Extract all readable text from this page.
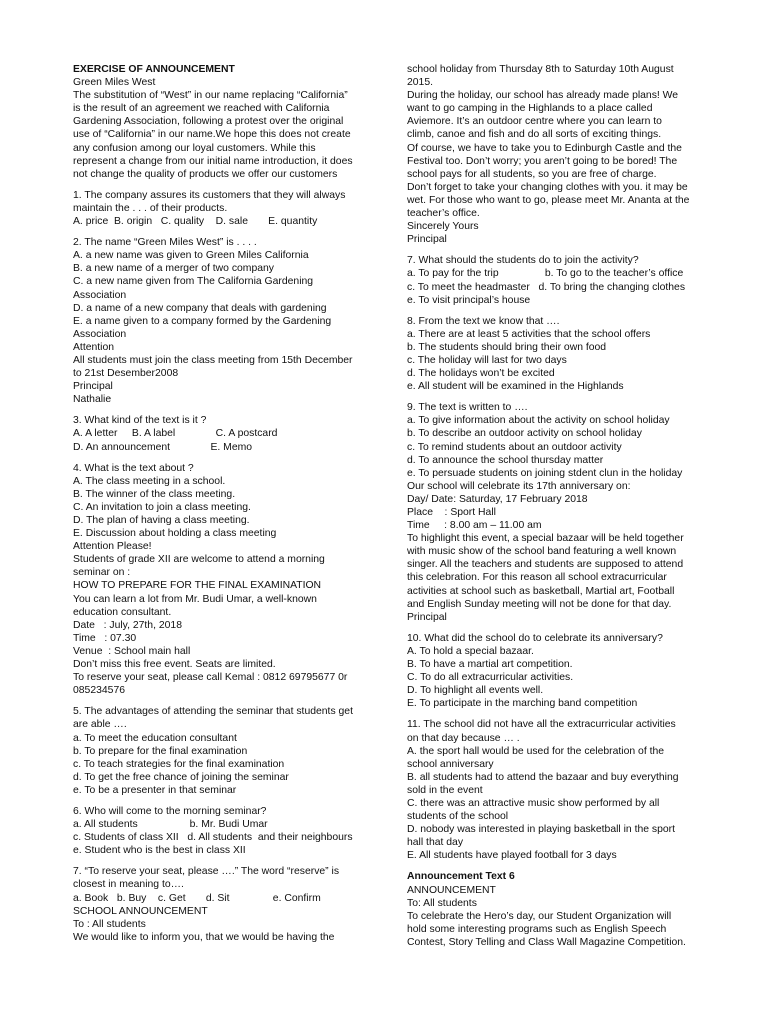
EXERCISE OF ANNOUNCEMENT
Green Miles West
The substitution of “West” in our name replacing “California”
is the result of an agreement we reached with California
Gardening Association, following a protest over the original
use of “California” in our name.We hope this does not create
any confusion among our loyal customers. While this
represent a change from our initial name introduction, it does
not change the quality of products we offer our customers
1. The company assures its customers that they will always
maintain the . . . of their products.
A. price  B. origin   C. quality    D. sale       E. quantity
2. The name “Green Miles West” is . . . .
A. a new name was given to Green Miles California
B. a new name of a merger of two company
C. a new name given from The California Gardening
Association
D. a name of a new company that deals with gardening
E. a name given to a company formed by the Gardening
Association
Attention
All students must join the class meeting from 15th December
to 21st Desember2008
Principal
Nathalie
3. What kind of the text is it ?
A. A letter     B. A label              C. A postcard
D. An announcement              E. Memo
4. What is the text about ?
A. The class meeting in a school.
B. The winner of the class meeting.
C. An invitation to join a class meeting.
D. The plan of having a class meeting.
E. Discussion about holding a class meeting
Attention Please!
Students of grade XII are welcome to attend a morning
seminar on :
HOW TO PREPARE FOR THE FINAL EXAMINATION
You can learn a lot from Mr. Budi Umar, a well-known
education consultant.
Date   : July, 27th, 2018
Time   : 07.30
Venue  : School main hall
Don’t miss this free event. Seats are limited.
To reserve your seat, please call Kemal : 0812 69795677 0r
085234576
5. The advantages of attending the seminar that students get
are able ….
a. To meet the education consultant
b. To prepare for the final examination
c. To teach strategies for the final examination
d. To get the free chance of joining the seminar
e. To be a presenter in that seminar
6. Who will come to the morning seminar?
a. All students                  b. Mr. Budi Umar
c. Students of class XII   d. All students  and their neighbours
e. Student who is the best in class XII
7. “To reserve your seat, please ….” The word “reserve” is
closest in meaning to….
a. Book   b. Buy    c. Get       d. Sit               e. Confirm
SCHOOL ANNOUNCEMENT
To : All students
We would like to inform you, that we would be having the
school holiday from Thursday 8th to Saturday 10th August
2015.
During the holiday, our school has already made plans! We
want to go camping in the Highlands to a place called
Aviemore. It’s an outdoor centre where you can learn to
climb, canoe and fish and do all sorts of exciting things.
Of course, we have to take you to Edinburgh Castle and the
Festival too. Don’t worry; you aren’t going to be bored! The
school pays for all students, so you are free of charge.
Don’t forget to take your changing clothes with you. it may be
wet. For those who want to go, please meet Mr. Ananta at the
teacher’s office.
Sincerely Yours
Principal
7. What should the students do to join the activity?
a. To pay for the trip                b. To go to the teacher’s office
c. To meet the headmaster   d. To bring the changing clothes
e. To visit principal’s house
8. From the text we know that ….
a. There are at least 5 activities that the school offers
b. The students should bring their own food
c. The holiday will last for two days
d. The holidays won’t be excited
e. All student will be examined in the Highlands
9. The text is written to ….
a. To give information about the activity on school holiday
b. To describe an outdoor activity on school holiday
c. To remind students about an outdoor activity
d. To announce the school thursday matter
e. To persuade students on joining stdent clun in the holiday
Our school will celebrate its 17th anniversary on:
Day/ Date: Saturday, 17 February 2018
Place    : Sport Hall
Time     : 8.00 am – 11.00 am
To highlight this event, a special bazaar will be held together
with music show of the school band featuring a well known
singer. All the teachers and students are supposed to attend
this celebration. For this reason all school extracurricular
activities at school such as basketball, Martial art, Football
and English Sunday meeting will not be done for that day.
Principal
10. What did the school do to celebrate its anniversary?
A. To hold a special bazaar.
B. To have a martial art competition.
C. To do all extracurricular activities.
D. To highlight all events well.
E. To participate in the marching band competition
11. The school did not have all the extracurricular activities
on that day because … .
A. the sport hall would be used for the celebration of the
school anniversary
B. all students had to attend the bazaar and buy everything
sold in the event
C. there was an attractive music show performed by all
students of the school
D. nobody was interested in playing basketball in the sport
hall that day
E. All students have played football for 3 days
Announcement Text 6
ANNOUNCEMENT
To: All students
To celebrate the Hero’s day, our Student Organization will
hold some interesting programs such as English Speech
Contest, Story Telling and Class Wall Magazine Competition.
